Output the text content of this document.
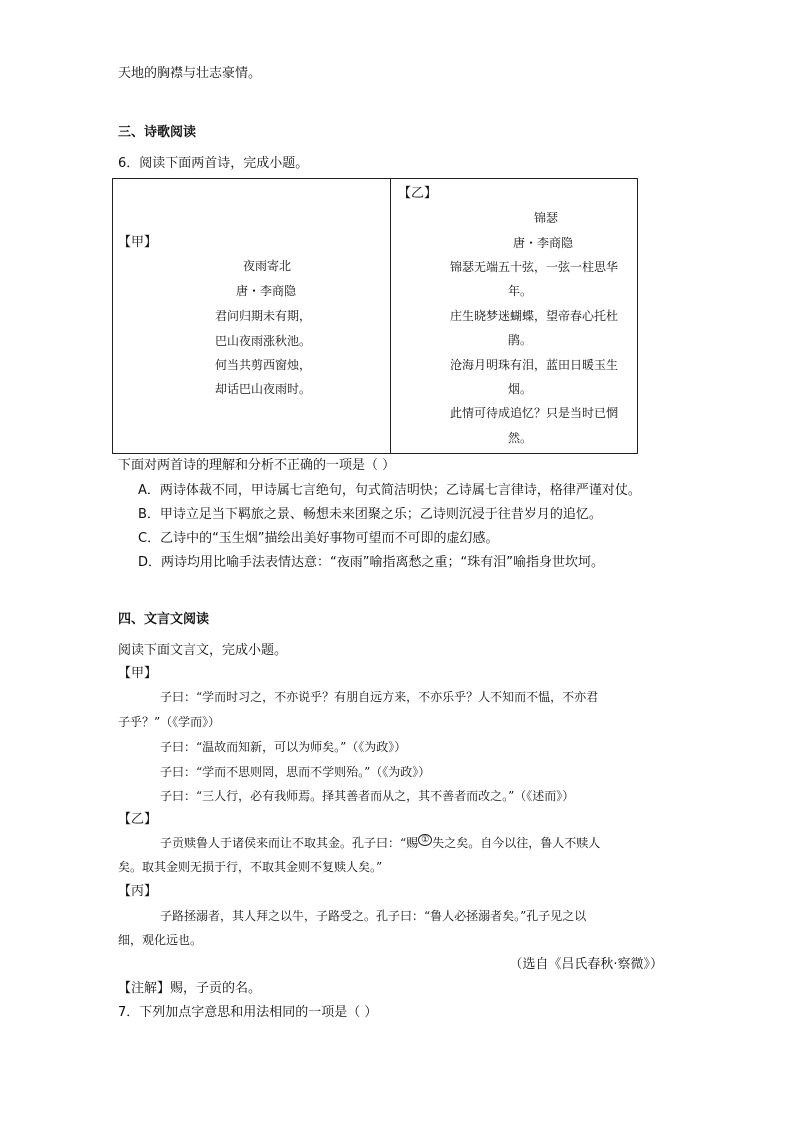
天地的胸襟与壮志豪情。
三、诗歌阅读
6．阅读下面两首诗，完成小题。
【甲】
夜雨寄北
唐・李商隐
君问归期未有期，
巴山夜雨涨秋池。
何当共剪西窗烛，
却话巴山夜雨时。
【乙】
锦瑟
唐・李商隐
锦瑟无端五十弦，一弦一柱思华
年。
庄生晓梦迷蝴蝶，望帝春心托杜
鹃。
沧海月明珠有泪，蓝田日暖玉生
烟。
此情可待成追忆？只是当时已惘
然。
下面对两首诗的理解和分析不正确的一项是（ ）
A．两诗体裁不同，甲诗属七言绝句，句式简洁明快；乙诗属七言律诗，格律严谨对仗。
B．甲诗立足当下羁旅之景、畅想未来团聚之乐；乙诗则沉浸于往昔岁月的追忆。
C．乙诗中的“玉生烟”描绘出美好事物可望而不可即的虚幻感。
D．两诗均用比喻手法表情达意：“夜雨”喻指离愁之重；“珠有泪”喻指身世坎坷。
四、文言文阅读
阅读下面文言文，完成小题。
【甲】
子曰：“学而时习之，不亦说乎？有朋自远方来，不亦乐乎？人不知而不愠，不亦君
子乎？”（《学而》）
子曰：“温故而知新，可以为师矣。”（《为政》）
子曰：“学而不思则罔，思而不学则殆。”（《为政》）
子曰：“三人行，必有我师焉。择其善者而从之，其不善者而改之。”（《述而》）
【乙】
子贡赎鲁人于诸侯来而让不取其金。孔子曰：“赐 ① 失之矣。自今以往，鲁人不赎人
矣。取其金则无损于行，不取其金则不复赎人矣。”
【丙】
子路拯溺者，其人拜之以牛，子路受之。孔子曰：“鲁人必拯溺者矣。”孔子见之以
细，观化远也。
（选自《吕氏春秋·察微》）
【注解】赐，子贡的名。
7．下列加点字意思和用法相同的一项是（ ）
